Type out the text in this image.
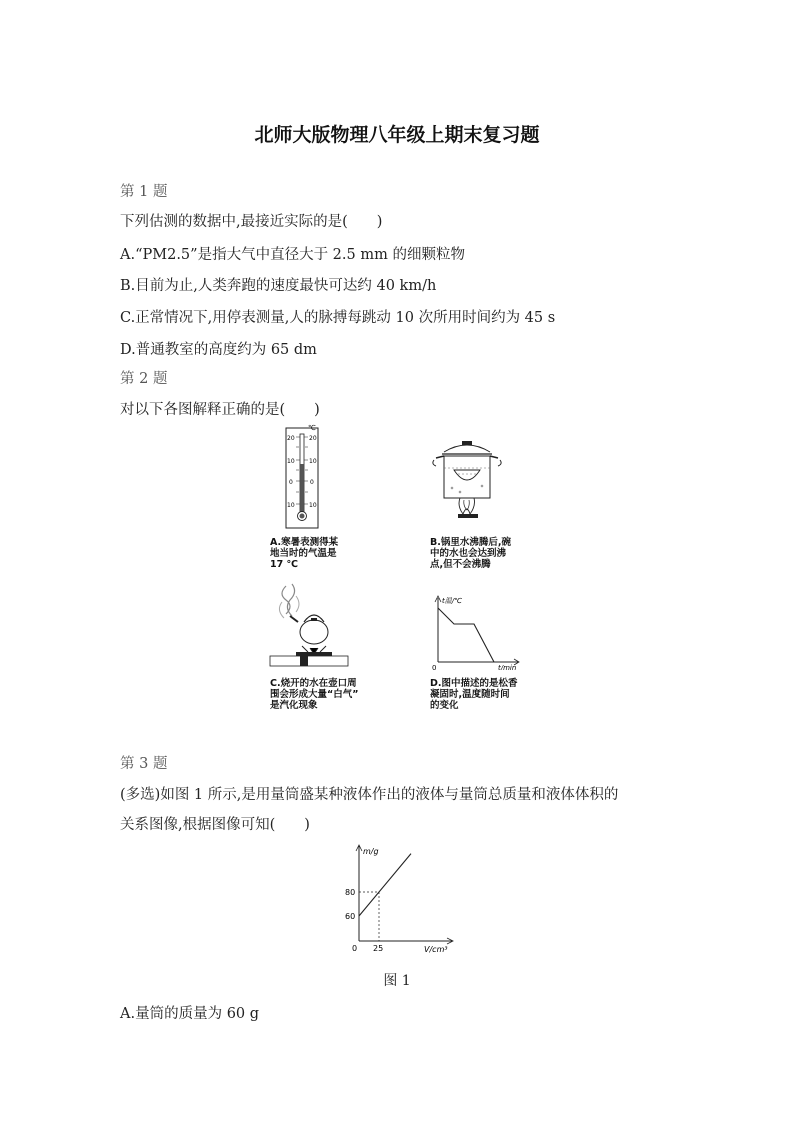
北师大版物理八年级上期末复习题
第 1 题
下列估测的数据中,最接近实际的是(　　)
A.“PM2.5”是指大气中直径大于 2.5 mm 的细颗粒物
B.目前为止,人类奔跑的速度最快可达约 40 km/h
C.正常情况下,用停表测量,人的脉搏每跳动 10 次所用时间约为 45 s
D.普通教室的高度约为 65 dm
第 2 题
对以下各图解释正确的是(　　)
℃
20 20
10 10
0	0
10 10
A.寒暑表测得某
地当时的气温是
17 ℃
B.锅里水沸腾后,碗
中的水也会达到沸
点,但不会沸腾
C.烧开的水在壶口周
围会形成大量“白气”
是汽化现象
t温/℃
t/min
0
D.图中描述的是松香
凝固时,温度随时间
的变化
第 3 题
(多选)如图 1 所示,是用量筒盛某种液体作出的液体与量筒总质量和液体体积的
关系图像,根据图像可知(　　)
m/g
V/cm³
0
80
60
25
图 1
A.量筒的质量为 60 g
